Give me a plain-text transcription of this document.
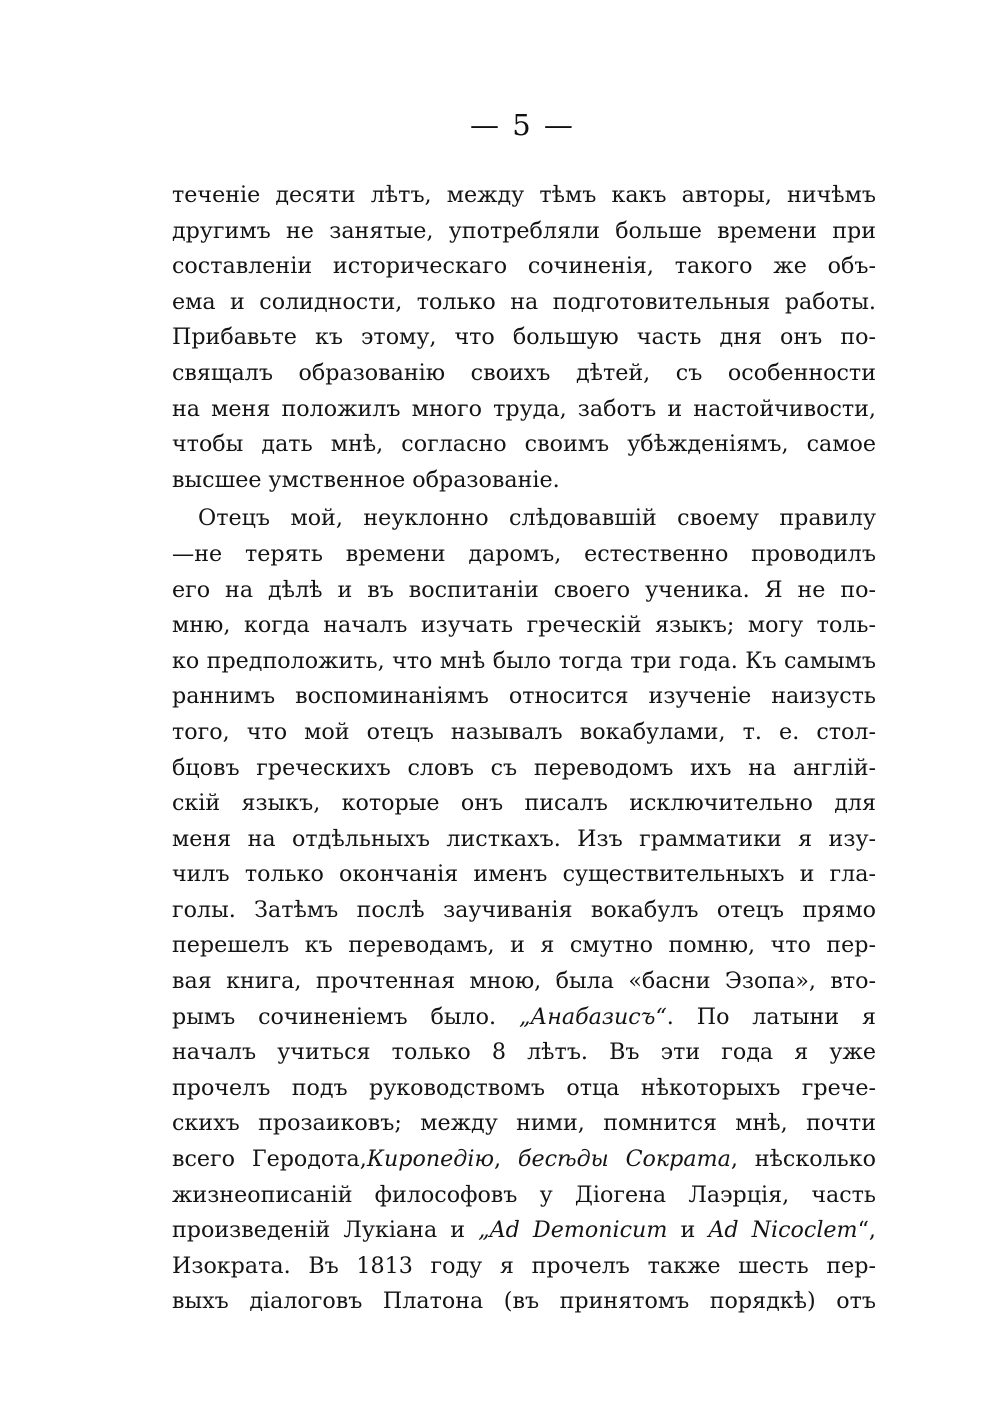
— 5 —
теченіе десяти лѣтъ, между тѣмъ какъ авторы, ничѣмъ
другимъ не занятые, употребляли больше времени при
составленіи историческаго сочиненія, такого же объ-
ема и солидности, только на подготовительныя работы.
Прибавьте къ этому, что большую часть дня онъ по-
свящалъ образованію своихъ дѣтей, съ особенности
на меня положилъ много труда, заботъ и настойчивости,
чтобы дать мнѣ, согласно своимъ убѣжденіямъ, самое
высшее умственное образованіе.
Отецъ мой, неуклонно слѣдовавшій своему правилу
—не терять времени даромъ, естественно проводилъ
его на дѣлѣ и въ воспитаніи своего ученика. Я не по-
мню, когда началъ изучать греческій языкъ; могу толь-
ко предположить, что мнѣ было тогда три года. Къ самымъ
раннимъ воспоминаніямъ относится изученіе наизусть
того, что мой отецъ называлъ вокабулами, т. е. стол-
бцовъ греческихъ словъ съ переводомъ ихъ на англій-
скій языкъ, которые онъ писалъ исключительно для
меня на отдѣльныхъ листкахъ. Изъ грамматики я изу-
чилъ только окончанія именъ существительныхъ и гла-
голы. Затѣмъ послѣ заучиванія вокабулъ отецъ прямо
перешелъ къ переводамъ, и я смутно помню, что пер-
вая книга, прочтенная мною, была «басни Эзопа», вто-
рымъ сочиненіемъ было. „Анабазисъ“. По латыни я
началъ учиться только 8 лѣтъ. Въ эти года я уже
прочелъ подъ руководствомъ отца нѣкоторыхъ грече-
скихъ прозаиковъ; между ними, помнится мнѣ, почти
всего Геродота,Киропедію, бесѣды Сократа, нѣсколько
жизнеописаній философовъ у Діогена Лаэрція, часть
произведеній Лукіана и „Ad Demonicum и Ad Nicoclem“,
Изократа. Въ 1813 году я прочелъ также шесть пер-
выхъ діалоговъ Платона (въ принятомъ порядкѣ) отъ
